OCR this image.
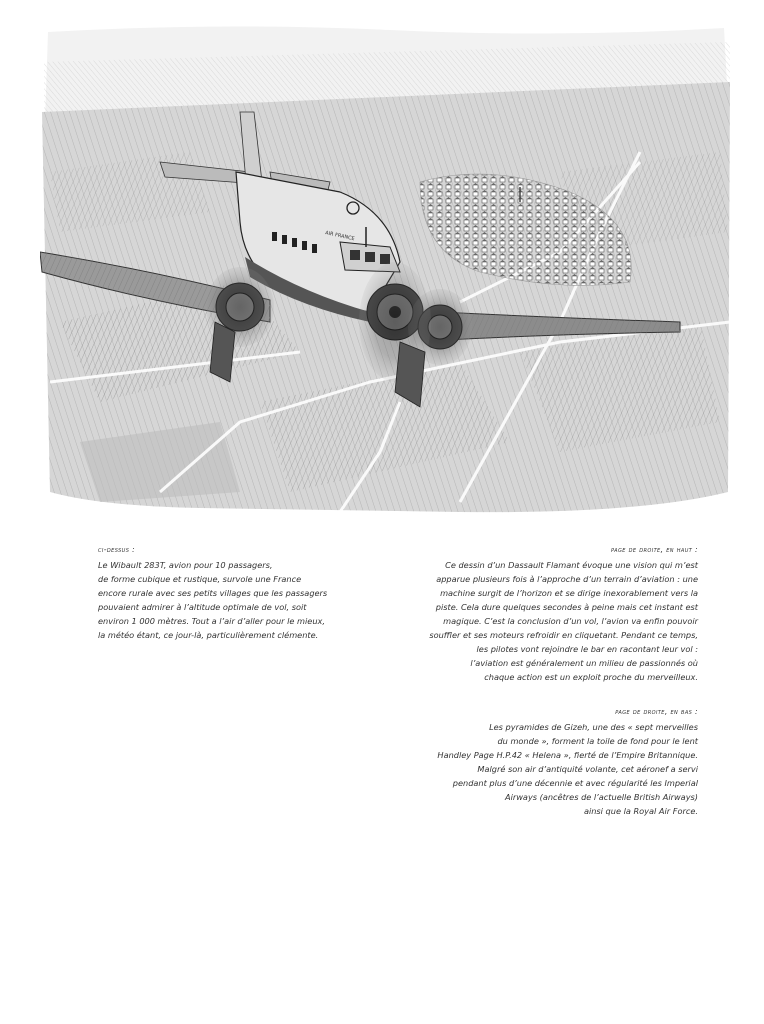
AIR FRANCE
ci-dessus :
Le Wibault 283T, avion pour 10 passagers,
de forme cubique et rustique, survole une France
encore rurale avec ses petits villages que les passagers
pouvaient admirer à l’altitude optimale de vol, soit
environ 1 000 mètres. Tout a l’air d’aller pour le mieux,
la météo étant, ce jour-là, particulièrement clémente.
page de droite, en haut :
Ce dessin d’un Dassault Flamant évoque une vision qui m’est
apparue plusieurs fois à l’approche d’un terrain d’aviation : une
machine surgit de l’horizon et se dirige inexorablement vers la
piste. Cela dure quelques secondes à peine mais cet instant est
magique. C’est la conclusion d’un vol, l’avion va enfin pouvoir
souffler et ses moteurs refroidir en cliquetant. Pendant ce temps,
les pilotes vont rejoindre le bar en racontant leur vol :
l’aviation est généralement un milieu de passionnés où
chaque action est un exploit proche du merveilleux.
page de droite, en bas :
Les pyramides de Gizeh, une des « sept merveilles
du monde », forment la toile de fond pour le lent
Handley Page H.P.42 « Helena », fierté de l’Empire Britannique.
Malgré son air d’antiquité volante, cet aéronef a servi
pendant plus d’une décennie et avec régularité les Imperial
Airways (ancêtres de l’actuelle British Airways)
ainsi que la Royal Air Force.
